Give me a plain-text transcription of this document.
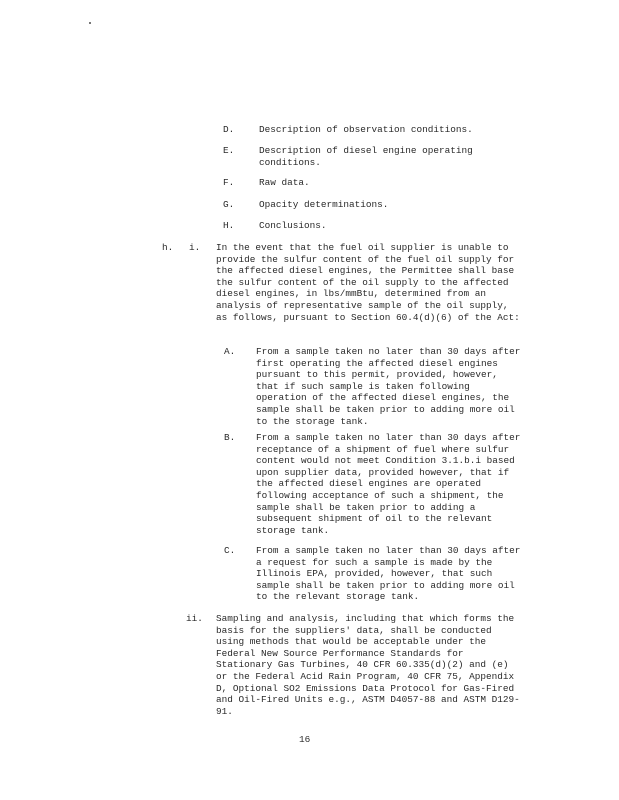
D.	Description of observation conditions.
E.	Description of diesel engine operating conditions.
F.	Raw data.
G.	Opacity determinations.
H.	Conclusions.
h. i. In the event that the fuel oil supplier is unable to provide the sulfur content of the fuel oil supply for the affected diesel engines, the Permittee shall base the sulfur content of the oil supply to the affected diesel engines, in lbs/mmBtu, determined from an analysis of representative sample of the oil supply, as follows, pursuant to Section 60.4(d)(6) of the Act:
A. From a sample taken no later than 30 days after first operating the affected diesel engines pursuant to this permit, provided, however, that if such sample is taken following operation of the affected diesel engines, the sample shall be taken prior to adding more oil to the storage tank.
B. From a sample taken no later than 30 days after receptance of a shipment of fuel where sulfur content would not meet Condition 3.1.b.i based upon supplier data, provided however, that if the affected diesel engines are operated following acceptance of such a shipment, the sample shall be taken prior to adding a subsequent shipment of oil to the relevant storage tank.
C. From a sample taken no later than 30 days after a request for such a sample is made by the Illinois EPA, provided, however, that such sample shall be taken prior to adding more oil to the relevant storage tank.
ii. Sampling and analysis, including that which forms the basis for the suppliers' data, shall be conducted using methods that would be acceptable under the Federal New Source Performance Standards for Stationary Gas Turbines, 40 CFR 60.335(d)(2) and (e) or the Federal Acid Rain Program, 40 CFR 75, Appendix D, Optional SO2 Emissions Data Protocol for Gas-Fired and Oil-Fired Units e.g., ASTM D4057-88 and ASTM D129-91.
16
